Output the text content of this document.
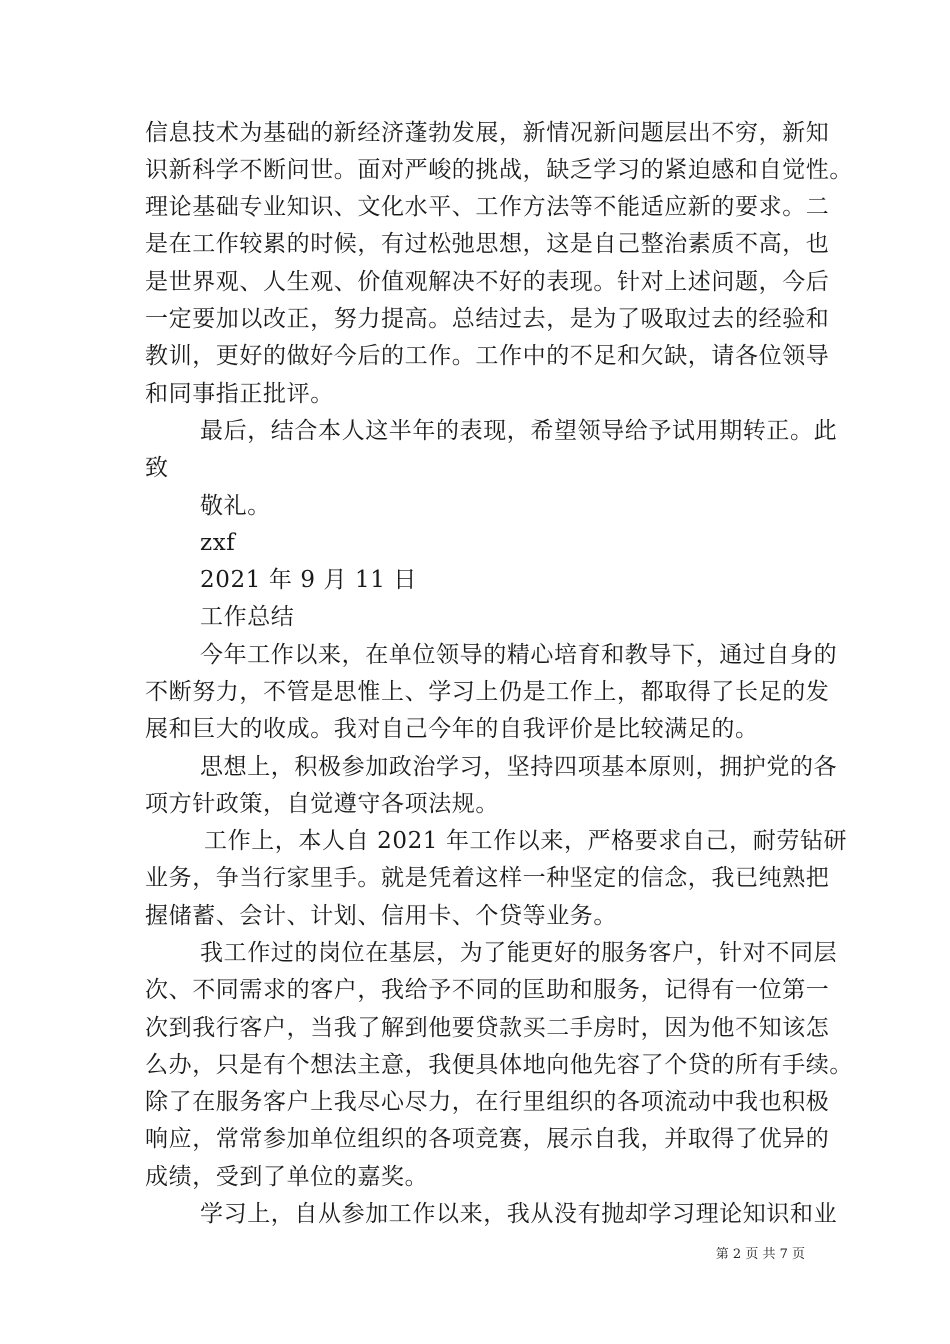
信息技术为基础的新经济蓬勃发展，新情况新问题层出不穷，新知
识新科学不断问世。面对严峻的挑战，缺乏学习的紧迫感和自觉性。
理论基础专业知识、文化水平、工作方法等不能适应新的要求。二
是在工作较累的时候，有过松弛思想，这是自己整治素质不高，也
是世界观、人生观、价值观解决不好的表现。针对上述问题，今后
一定要加以改正，努力提高。总结过去，是为了吸取过去的经验和
教训，更好的做好今后的工作。工作中的不足和欠缺，请各位领导
和同事指正批评。
最后，结合本人这半年的表现，希望领导给予试用期转正。此
致
敬礼。
zxf
2021 年 9 月 11 日
工作总结
今年工作以来，在单位领导的精心培育和教导下，通过自身的
不断努力，不管是思惟上、学习上仍是工作上，都取得了长足的发
展和巨大的收成。我对自己今年的自我评价是比较满足的。
思想上，积极参加政治学习，坚持四项基本原则，拥护党的各
项方针政策，自觉遵守各项法规。
工作上，本人自 2021 年工作以来，严格要求自己，耐劳钻研
业务，争当行家里手。就是凭着这样一种坚定的信念，我已纯熟把
握储蓄、会计、计划、信用卡、个贷等业务。
我工作过的岗位在基层，为了能更好的服务客户，针对不同层
次、不同需求的客户，我给予不同的匡助和服务，记得有一位第一
次到我行客户，当我了解到他要贷款买二手房时，因为他不知该怎
么办，只是有个想法主意，我便具体地向他先容了个贷的所有手续。
除了在服务客户上我尽心尽力，在行里组织的各项流动中我也积极
响应，常常参加单位组织的各项竞赛，展示自我，并取得了优异的
成绩，受到了单位的嘉奖。
学习上，自从参加工作以来，我从没有抛却学习理论知识和业
第 2 页 共 7 页
